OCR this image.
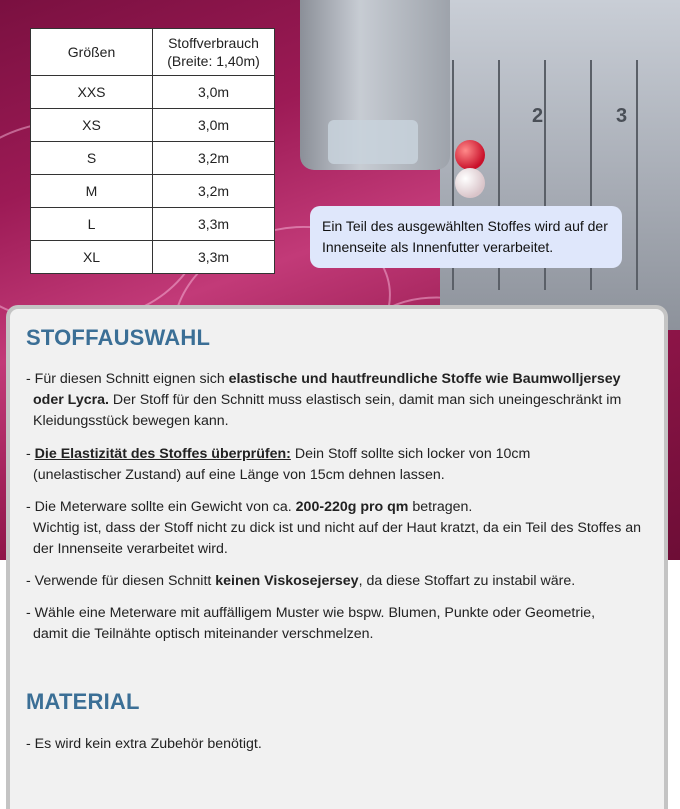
2	3
Größen	Stoffverbrauch
(Breite: 1,40m)
XXS	3,0m
XS	3,0m
S	3,2m
M	3,2m
L	3,3m
XL	3,3m
Ein Teil des ausgewählten Stoffes wird auf der Innenseite als Innenfutter verarbeitet.
STOFFAUSWAHL
- Für diesen Schnitt eignen sich elastische und hautfreundliche Stoffe wie Baumwolljersey
oder Lycra. Der Stoff für den Schnitt muss elastisch sein, damit man sich uneingeschränkt im Kleidungsstück bewegen kann.
- Die Elastizität des Stoffes überprüfen: Dein Stoff sollte sich locker von 10cm
(unelastischer Zustand) auf eine Länge von 15cm dehnen lassen.
- Die Meterware sollte ein Gewicht von ca. 200-220g pro qm betragen.
Wichtig ist, dass der Stoff nicht zu dick ist und nicht auf der Haut kratzt, da ein Teil des Stoffes an der Innenseite verarbeitet wird.
- Verwende für diesen Schnitt keinen Viskosejersey, da diese Stoffart zu instabil wäre.
- Wähle eine Meterware mit auffälligem Muster wie bspw. Blumen, Punkte oder Geometrie,
damit die Teilnähte optisch miteinander verschmelzen.
MATERIAL
- Es wird kein extra Zubehör benötigt.
